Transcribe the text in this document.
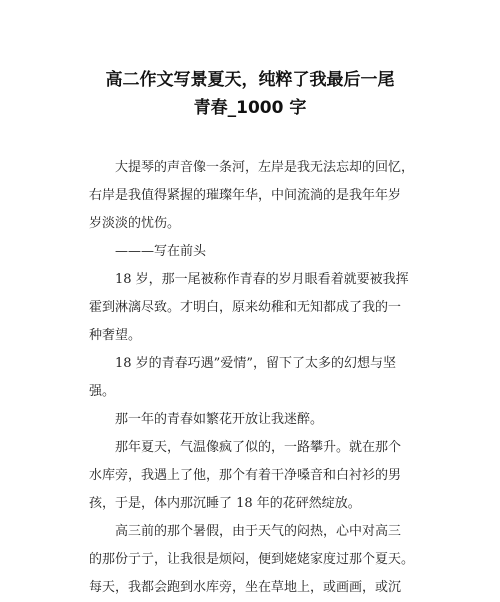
高二作文写景夏天，纯粹了我最后一尾
青春_1000 字
大提琴的声音像一条河，左岸是我无法忘却的回忆，
右岸是我值得紧握的璀璨年华，中间流淌的是我年年岁
岁淡淡的忧伤。
———写在前头
18 岁，那一尾被称作青春的岁月眼看着就要被我挥
霍到淋漓尽致。才明白，原来幼稚和无知都成了我的一
种奢望。
18 岁的青春巧遇”爱情”，留下了太多的幻想与坚
强。
那一年的青春如繁花开放让我迷醉。
那年夏天，气温像疯了似的，一路攀升。就在那个
水库旁，我遇上了他，那个有着干净嗓音和白衬衫的男
孩，于是，体内那沉睡了 18 年的花砰然绽放。
高三前的那个暑假，由于天气的闷热，心中对高三
的那份亍亍，让我很是烦闷，便到姥姥家度过那个夏天。
每天，我都会跑到水库旁，坐在草地上，或画画，或沉
